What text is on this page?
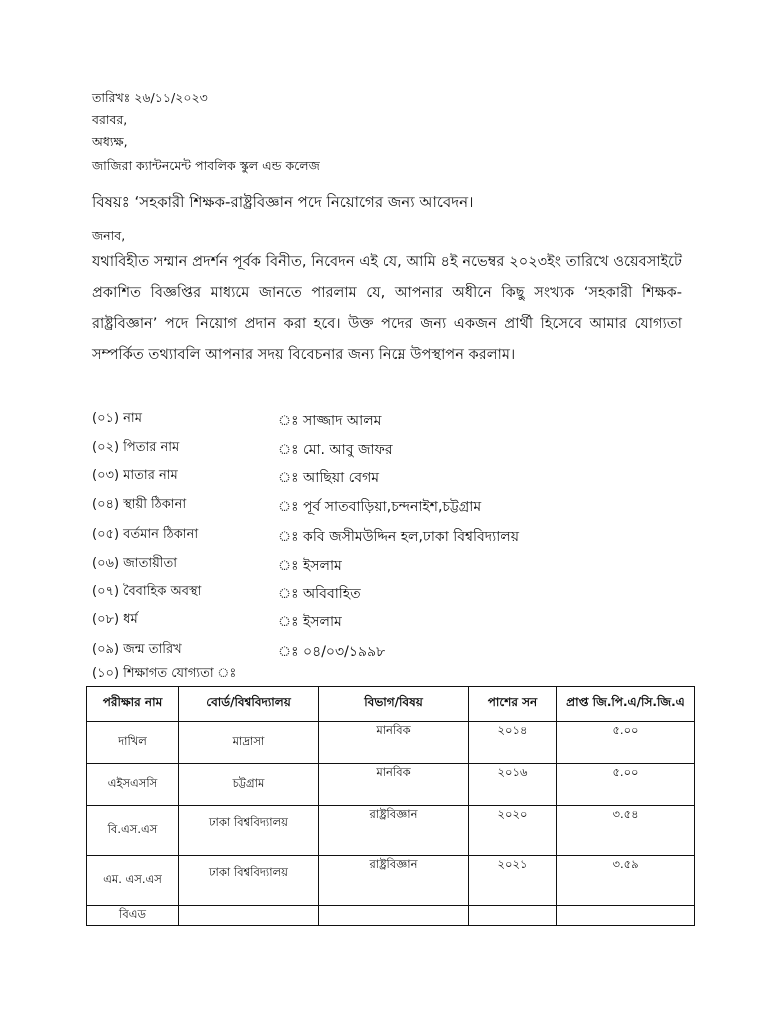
তারিখঃ ২৬/১১/২০২৩
বরাবর,
অধ্যক্ষ,
জাজিরা ক্যান্টনমেন্ট পাবলিক স্কুল এন্ড কলেজ
বিষয়ঃ ‘সহকারী শিক্ষক-রাষ্ট্রবিজ্ঞান পদে নিয়োগের জন্য আবেদন।
জনাব,
যথাবিহীত সম্মান প্রদর্শন পূর্বক বিনীত, নিবেদন এই যে, আমি ৪ই নভেম্বর ২০২৩ইং তারিখে ওয়েবসাইটে প্রকাশিত বিজ্ঞপ্তির মাধ্যমে জানতে পারলাম যে, আপনার অধীনে কিছু সংখ্যক ‘সহকারী শিক্ষক-রাষ্ট্রবিজ্ঞান’ পদে নিয়োগ প্রদান করা হবে। উক্ত পদের জন্য একজন প্রার্থী হিসেবে আমার যোগ্যতা সম্পর্কিত তথ্যাবলি আপনার সদয় বিবেচনার জন্য নিম্নে উপস্থাপন করলাম।
(০১) নাম	ঃ সাজ্জাদ আলম
(০২) পিতার নাম	ঃ মো. আবু জাফর
(০৩) মাতার নাম	ঃ আছিয়া বেগম
(০৪) স্থায়ী ঠিকানা	ঃ পূর্ব সাতবাড়িয়া,চন্দনাইশ,চট্টগ্রাম
(০৫) বর্তমান ঠিকানা	ঃ কবি জসীমউদ্দিন হল,ঢাকা বিশ্ববিদ্যালয়
(০৬) জাতায়ীতা	ঃ ইসলাম
(০৭) বৈবাহিক অবস্থা	ঃ অবিবাহিত
(০৮) ধর্ম	ঃ ইসলাম
(০৯) জন্ম তারিখ	ঃ ০৪/০৩/১৯৯৮
(১০) শিক্ষাগত যোগ্যতা ঃ
পরীক্ষার নাম	বোর্ড/বিশ্ববিদ্যালয়	বিভাগ/বিষয়	পাশের সন	প্রাপ্ত জি.পি.এ/সি.জি.এ
দাখিল	মাদ্রাসা	মানবিক	২০১৪	৫.০০
এইসএসসি	চট্টগ্রাম	মানবিক	২০১৬	৫.০০
বি.এস.এস	ঢাকা বিশ্ববিদ্যালয়	রাষ্ট্রবিজ্ঞান	২০২০	৩.৫৪
এম. এস.এস	ঢাকা বিশ্ববিদ্যালয়	রাষ্ট্রবিজ্ঞান	২০২১	৩.৫৯
বিএড				
